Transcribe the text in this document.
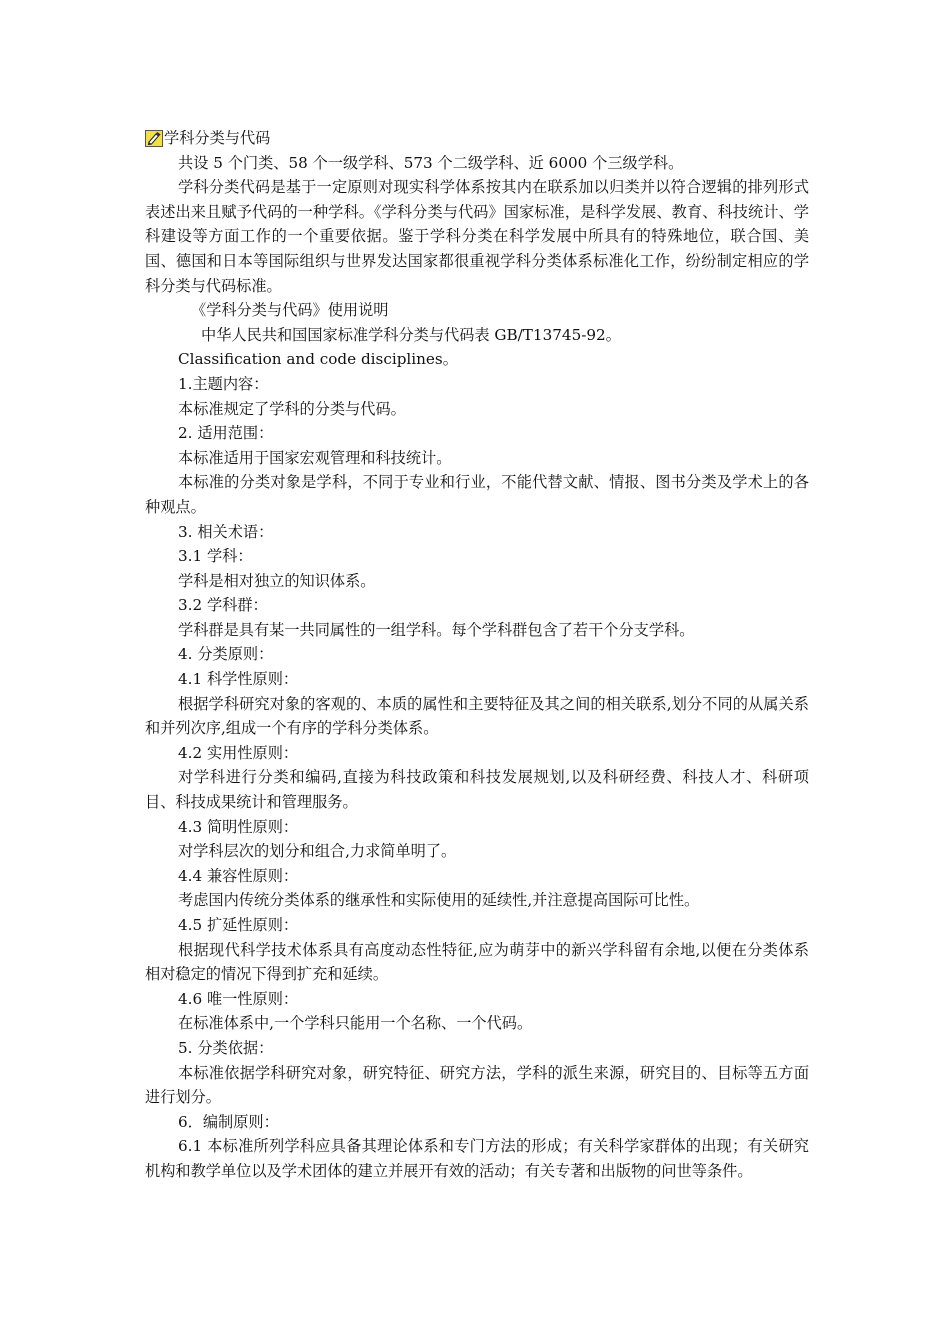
学科分类与代码

共设 5 个门类、58 个一级学科、573 个二级学科、近 6000 个三级学科。

学科分类代码是基于一定原则对现实科学体系按其内在联系加以归类并以符合逻辑的排列形式表述出来且赋予代码的一种学科。《学科分类与代码》国家标准，是科学发展、教育、科技统计、学科建设等方面工作的一个重要依据。鉴于学科分类在科学发展中所具有的特殊地位，联合国、美国、德国和日本等国际组织与世界发达国家都很重视学科分类体系标准化工作，纷纷制定相应的学科分类与代码标准。

《学科分类与代码》使用说明

中华人民共和国国家标准学科分类与代码表 GB/T13745-92。

Classification and code disciplines。

1.主题内容：

本标准规定了学科的分类与代码。

2. 适用范围：

本标准适用于国家宏观管理和科技统计。

本标准的分类对象是学科，不同于专业和行业，不能代替文献、情报、图书分类及学术上的各种观点。

3. 相关术语：

3.1 学科：

学科是相对独立的知识体系。

3.2 学科群：

学科群是具有某一共同属性的一组学科。每个学科群包含了若干个分支学科。

4. 分类原则：

4.1 科学性原则：

根据学科研究对象的客观的、本质的属性和主要特征及其之间的相关联系,划分不同的从属关系和并列次序,组成一个有序的学科分类体系。

4.2 实用性原则：

对学科进行分类和编码,直接为科技政策和科技发展规划,以及科研经费、科技人才、科研项目、科技成果统计和管理服务。

4.3 简明性原则：

对学科层次的划分和组合,力求简单明了。

4.4 兼容性原则：

考虑国内传统分类体系的继承性和实际使用的延续性,并注意提高国际可比性。

4.5 扩延性原则：

根据现代科学技术体系具有高度动态性特征,应为萌芽中的新兴学科留有余地,以便在分类体系相对稳定的情况下得到扩充和延续。

4.6 唯一性原则：

在标准体系中,一个学科只能用一个名称、一个代码。

5. 分类依据：

本标准依据学科研究对象，研究特征、研究方法，学科的派生来源，研究目的、目标等五方面进行划分。

6．编制原则：

6.1 本标准所列学科应具备其理论体系和专门方法的形成；有关科学家群体的出现；有关研究机构和教学单位以及学术团体的建立并展开有效的活动；有关专著和出版物的问世等条件。
